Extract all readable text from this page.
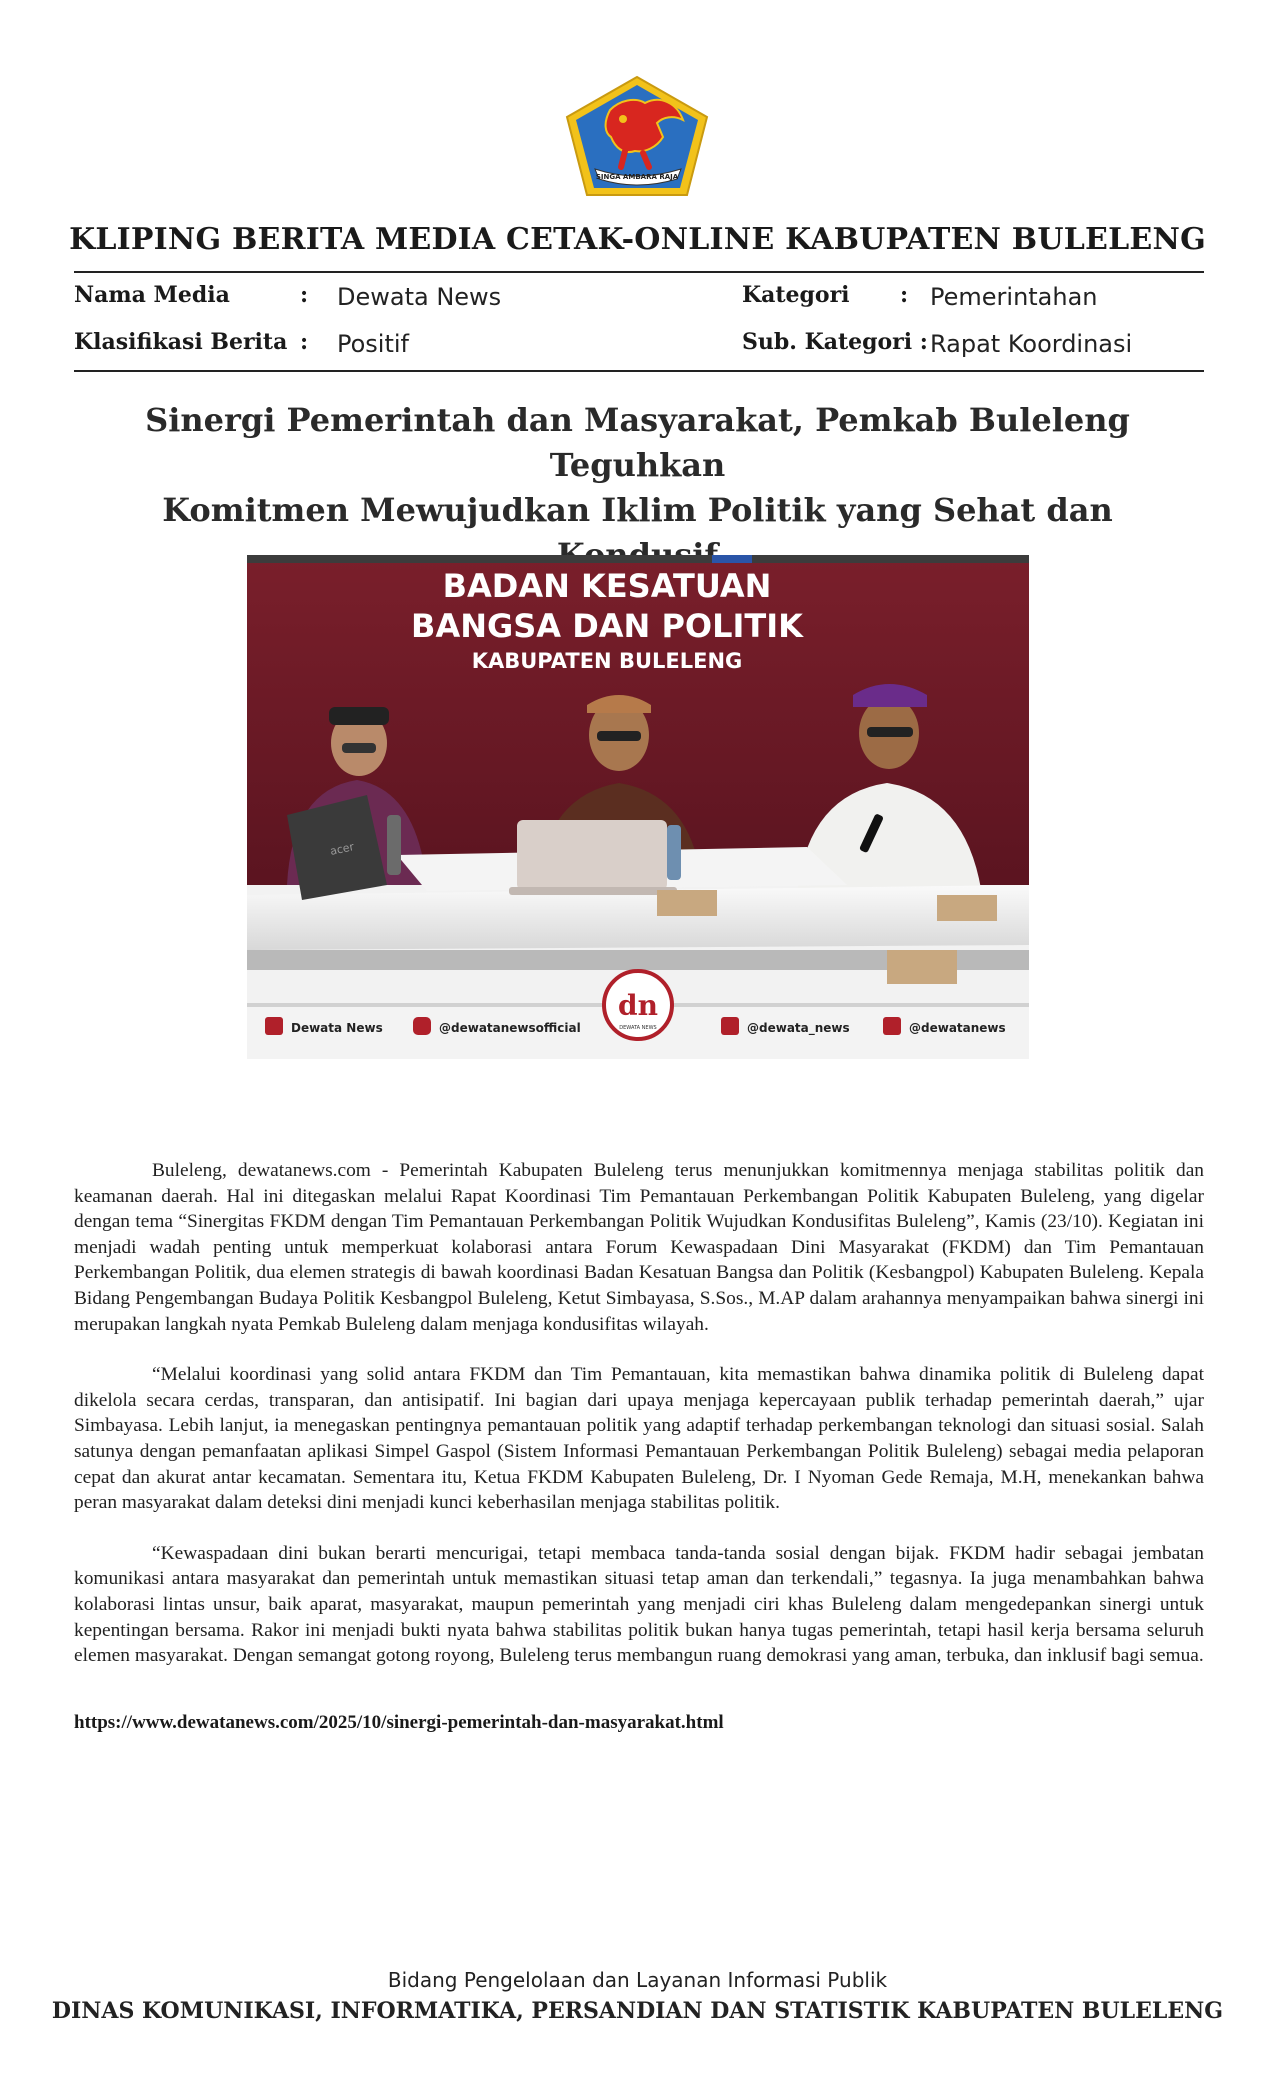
SINGA AMBARA RAJA
KLIPING BERITA MEDIA CETAK-ONLINE KABUPATEN BULELENG
Nama Media	: Dewata News
Klasifikasi Berita : Positif
Kategori : Pemerintahan
Sub. Kategori : Rapat Koordinasi
Sinergi Pemerintah dan Masyarakat, Pemkab Buleleng Teguhkan
Komitmen Mewujudkan Iklim Politik yang Sehat dan
BADAN KESATUAN
BANGSA DAN POLITIK
KABUPATEN BULELENG
acer
Dewata News	@dewatanewsofficial
dn
DEWATA NEWS	@dewata_news	@dewatanews

Buleleng, dewatanews.com - Pemerintah Kabupaten Buleleng terus menunjukkan komitmennya menjaga stabilitas politik dan keamanan daerah. Hal ini ditegaskan melalui Rapat Koordinasi Tim Pemantauan Perkembangan Politik Kabupaten Buleleng, yang digelar dengan tema “Sinergitas FKDM dengan Tim Pemantauan Perkembangan Politik Wujudkan Kondusifitas Buleleng”, Kamis (23/10). Kegiatan ini menjadi wadah penting untuk memperkuat kolaborasi antara Forum Kewaspadaan Dini Masyarakat (FKDM) dan Tim Pemantauan Perkembangan Politik, dua elemen strategis di bawah koordinasi Badan Kesatuan Bangsa dan Politik (Kesbangpol) Kabupaten Buleleng. Kepala Bidang Pengembangan Budaya Politik Kesbangpol Buleleng, Ketut Simbayasa, S.Sos., M.AP dalam arahannya menyampaikan bahwa sinergi ini merupakan langkah nyata Pemkab Buleleng dalam menjaga kondusifitas wilayah.

“Melalui koordinasi yang solid antara FKDM dan Tim Pemantauan, kita memastikan bahwa dinamika politik di Buleleng dapat dikelola secara cerdas, transparan, dan antisipatif. Ini bagian dari upaya menjaga kepercayaan publik terhadap pemerintah daerah,” ujar Simbayasa. Lebih lanjut, ia menegaskan pentingnya pemantauan politik yang adaptif terhadap perkembangan teknologi dan situasi sosial. Salah satunya dengan pemanfaatan aplikasi Simpel Gaspol (Sistem Informasi Pemantauan Perkembangan Politik Buleleng) sebagai media pelaporan cepat dan akurat antar kecamatan. Sementara itu, Ketua FKDM Kabupaten Buleleng, Dr. I Nyoman Gede Remaja, M.H, menekankan bahwa peran masyarakat dalam deteksi dini menjadi kunci keberhasilan menjaga stabilitas politik.

“Kewaspadaan dini bukan berarti mencurigai, tetapi membaca tanda-tanda sosial dengan bijak. FKDM hadir sebagai jembatan komunikasi antara masyarakat dan pemerintah untuk memastikan situasi tetap aman dan terkendali,” tegasnya. Ia juga menambahkan bahwa kolaborasi lintas unsur, baik aparat, masyarakat, maupun pemerintah yang menjadi ciri khas Buleleng dalam mengedepankan sinergi untuk kepentingan bersama. Rakor ini menjadi bukti nyata bahwa stabilitas politik bukan hanya tugas pemerintah, tetapi hasil kerja bersama seluruh elemen masyarakat. Dengan semangat gotong royong, Buleleng terus membangun ruang demokrasi yang aman, terbuka, dan inklusif bagi semua.

https://www.dewatanews.com/2025/10/sinergi-pemerintah-dan-masyarakat.html
Bidang Pengelolaan dan Layanan Informasi Publik
DINAS KOMUNIKASI, INFORMATIKA, PERSANDIAN DAN STATISTIK KABUPATEN BULELENG
